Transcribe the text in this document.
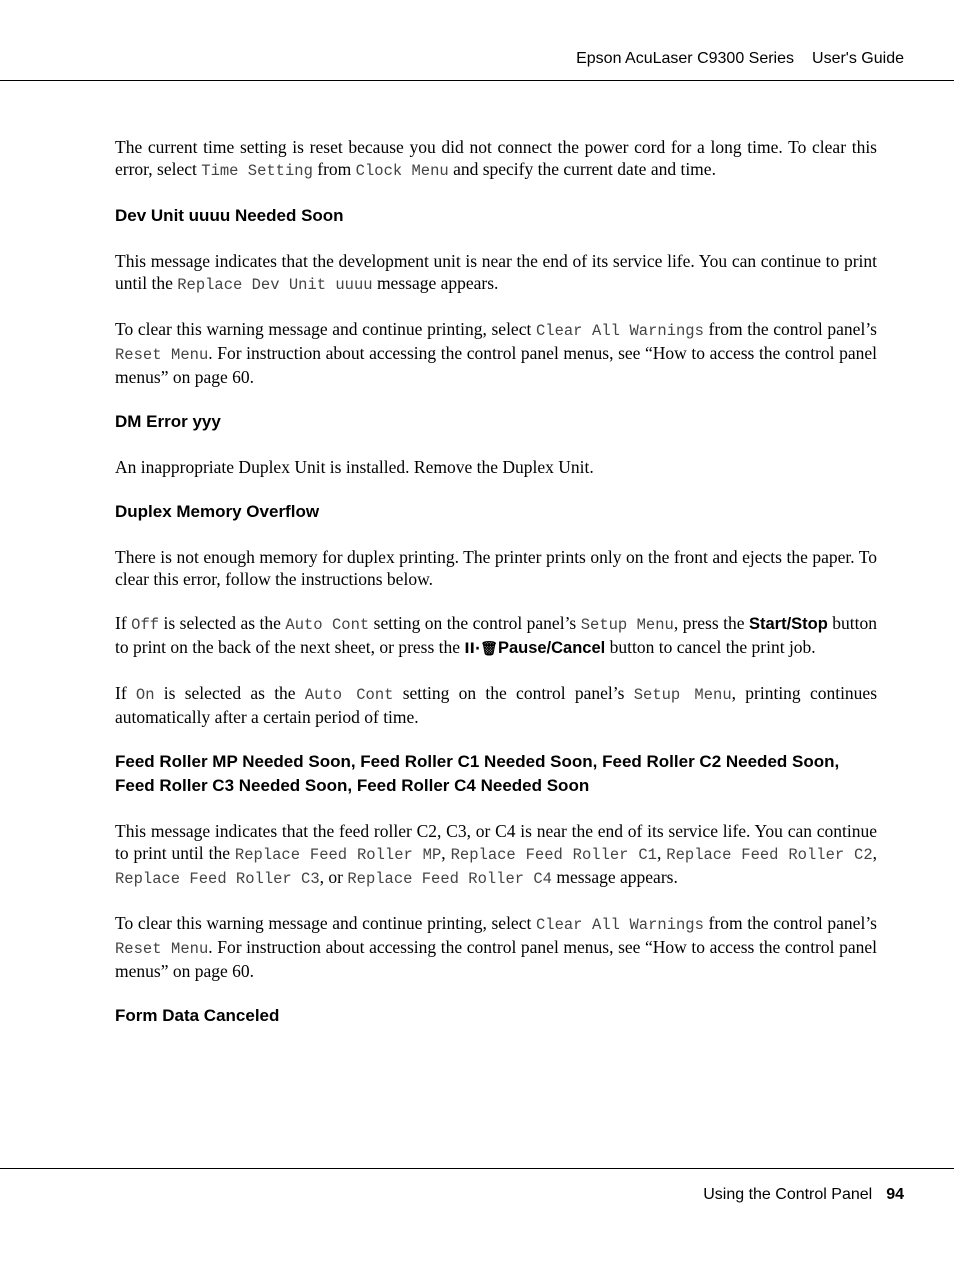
Epson AcuLaser C9300 Series User's Guide

The current time setting is reset because you did not connect the power cord for a long time. To clear this error, select Time Setting from Clock Menu and specify the current date and time.

Dev Unit uuuu Needed Soon

This message indicates that the development unit is near the end of its service life. You can continue to print until the Replace Dev Unit uuuu message appears.

To clear this warning message and continue printing, select Clear All Warnings from the control panel’s Reset Menu. For instruction about accessing the control panel menus, see “How to access the control panel menus” on page 60.

DM Error yyy

An inappropriate Duplex Unit is installed. Remove the Duplex Unit.

Duplex Memory Overflow

There is not enough memory for duplex printing. The printer prints only on the front and ejects the paper. To clear this error, follow the instructions below.

If Off is selected as the Auto Cont setting on the control panel’s Setup Menu, press the Start/Stop button to print on the back of the next sheet, or press the II·🗑Pause/Cancel button to cancel the print job.

If On is selected as the Auto Cont setting on the control panel’s Setup Menu, printing continues automatically after a certain period of time.

Feed Roller MP Needed Soon, Feed Roller C1 Needed Soon, Feed Roller C2 Needed Soon, Feed Roller C3 Needed Soon, Feed Roller C4 Needed Soon

This message indicates that the feed roller C2, C3, or C4 is near the end of its service life. You can continue to print until the Replace Feed Roller MP, Replace Feed Roller C1, Replace Feed Roller C2, Replace Feed Roller C3, or Replace Feed Roller C4 message appears.

To clear this warning message and continue printing, select Clear All Warnings from the control panel’s Reset Menu. For instruction about accessing the control panel menus, see “How to access the control panel menus” on page 60.

Form Data Canceled
Using the Control Panel 94
